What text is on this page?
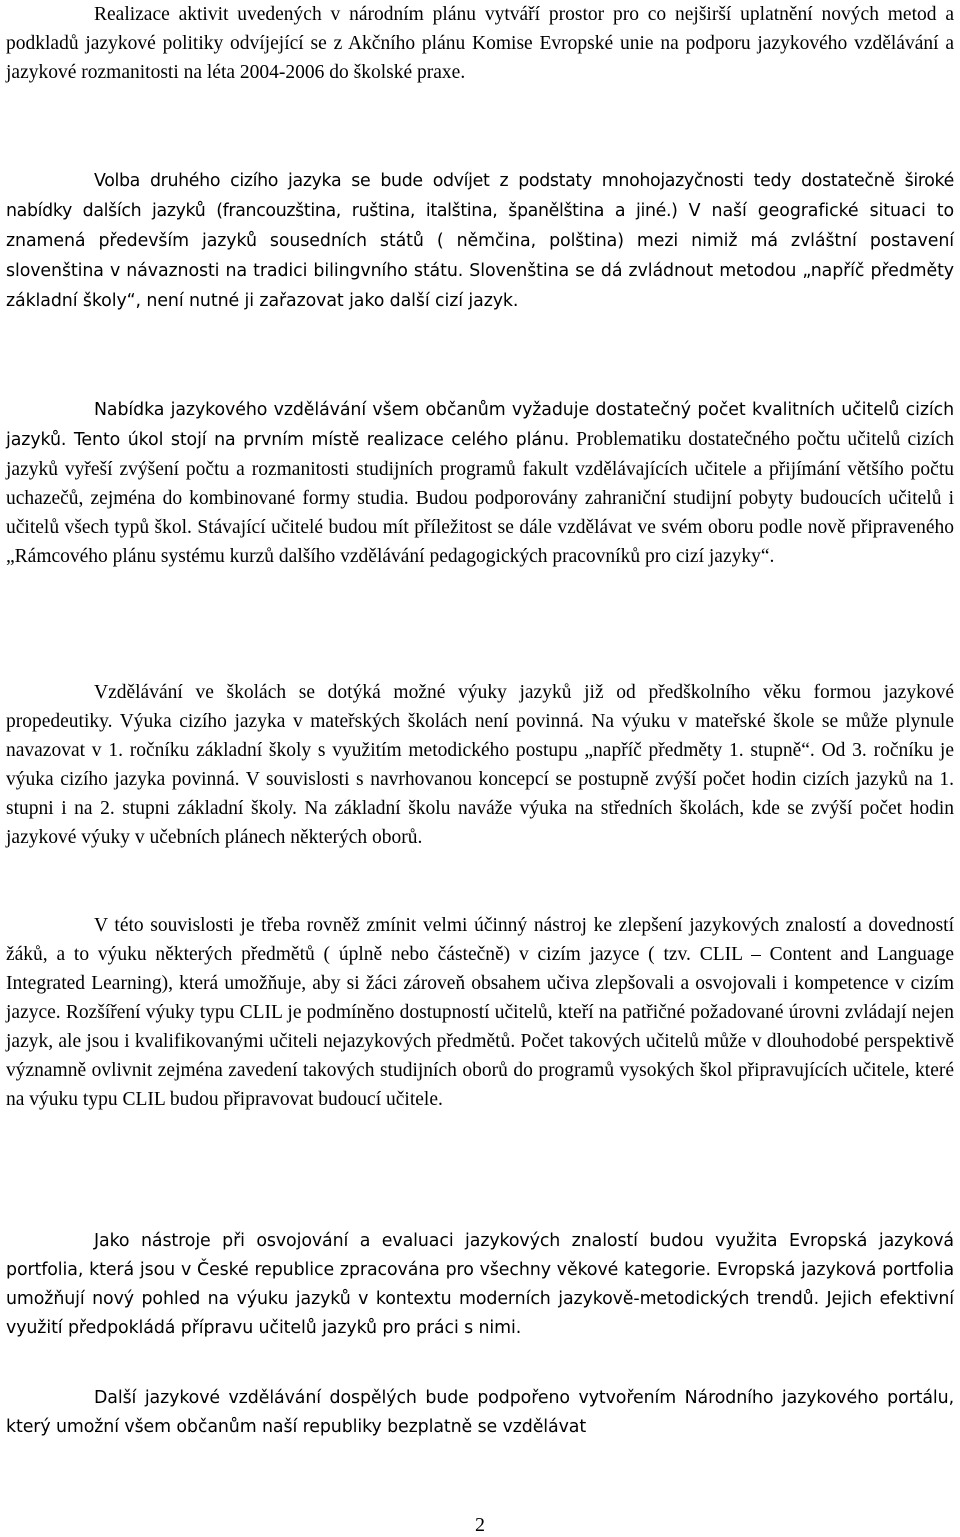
Realizace aktivit uvedených v národním plánu vytváří prostor pro co nejširší uplatnění nových metod a podkladů jazykové politiky odvíjející se z Akčního plánu Komise Evropské unie na podporu jazykového vzdělávání a jazykové rozmanitosti na léta 2004-2006 do školské praxe.

Volba druhého cizího jazyka se bude odvíjet z podstaty mnohojazyčnosti tedy dostatečně široké nabídky dalších jazyků (francouzština, ruština, italština, španělština a jiné.) V naší geografické situaci to znamená především jazyků sousedních států ( němčina, polština) mezi nimiž má zvláštní postavení slovenština v návaznosti na tradici bilingvního státu. Slovenština se dá zvládnout metodou „napříč předměty základní školy“, není nutné ji zařazovat jako další cizí jazyk.

Nabídka jazykového vzdělávání všem občanům vyžaduje dostatečný počet kvalitních učitelů cizích jazyků. Tento úkol stojí na prvním místě realizace celého plánu. Problematiku dostatečného počtu učitelů cizích jazyků vyřeší zvýšení počtu a rozmanitosti studijních programů fakult vzdělávajících učitele a přijímání většího počtu uchazečů, zejména do kombinované formy studia. Budou podporovány zahraniční studijní pobyty budoucích učitelů i učitelů všech typů škol. Stávající učitelé budou mít příležitost se dále vzdělávat ve svém oboru podle nově připraveného „Rámcového plánu systému kurzů dalšího vzdělávání pedagogických pracovníků pro cizí jazyky“.

Vzdělávání ve školách se dotýká možné výuky jazyků již od předškolního věku formou jazykové propedeutiky. Výuka cizího jazyka v mateřských školách není povinná. Na výuku v mateřské škole se může plynule navazovat v 1. ročníku základní školy s využitím metodického postupu „napříč předměty 1. stupně“. Od 3. ročníku je výuka cizího jazyka povinná. V souvislosti s navrhovanou koncepcí se postupně zvýší počet hodin cizích jazyků na 1. stupni i na 2. stupni základní školy. Na základní školu naváže výuka na středních školách, kde se zvýší počet hodin jazykové výuky v učebních plánech některých oborů.

V této souvislosti je třeba rovněž zmínit velmi účinný nástroj ke zlepšení jazykových znalostí a dovedností žáků, a to výuku některých předmětů ( úplně nebo částečně) v cizím jazyce ( tzv. CLIL – Content and Language Integrated Learning), která umožňuje, aby si žáci zároveň obsahem učiva zlepšovali a osvojovali i kompetence v cizím jazyce. Rozšíření výuky typu CLIL je podmíněno dostupností učitelů, kteří na patřičné požadované úrovni zvládají nejen jazyk, ale jsou i kvalifikovanými učiteli nejazykových předmětů. Počet takových učitelů může v dlouhodobé perspektivě významně ovlivnit zejména zavedení takových studijních oborů do programů vysokých škol připravujících učitele, které na výuku typu CLIL budou připravovat budoucí učitele.

Jako nástroje při osvojování a evaluaci jazykových znalostí budou využita Evropská jazyková portfolia, která jsou v České republice zpracována pro všechny věkové kategorie. Evropská jazyková portfolia umožňují nový pohled na výuku jazyků v kontextu moderních jazykově-metodických trendů. Jejich efektivní využití předpokládá přípravu učitelů jazyků pro práci s nimi.

Další jazykové vzdělávání dospělých bude podpořeno vytvořením Národního jazykového portálu, který umožní všem občanům naší republiky bezplatně se vzdělávat

2
